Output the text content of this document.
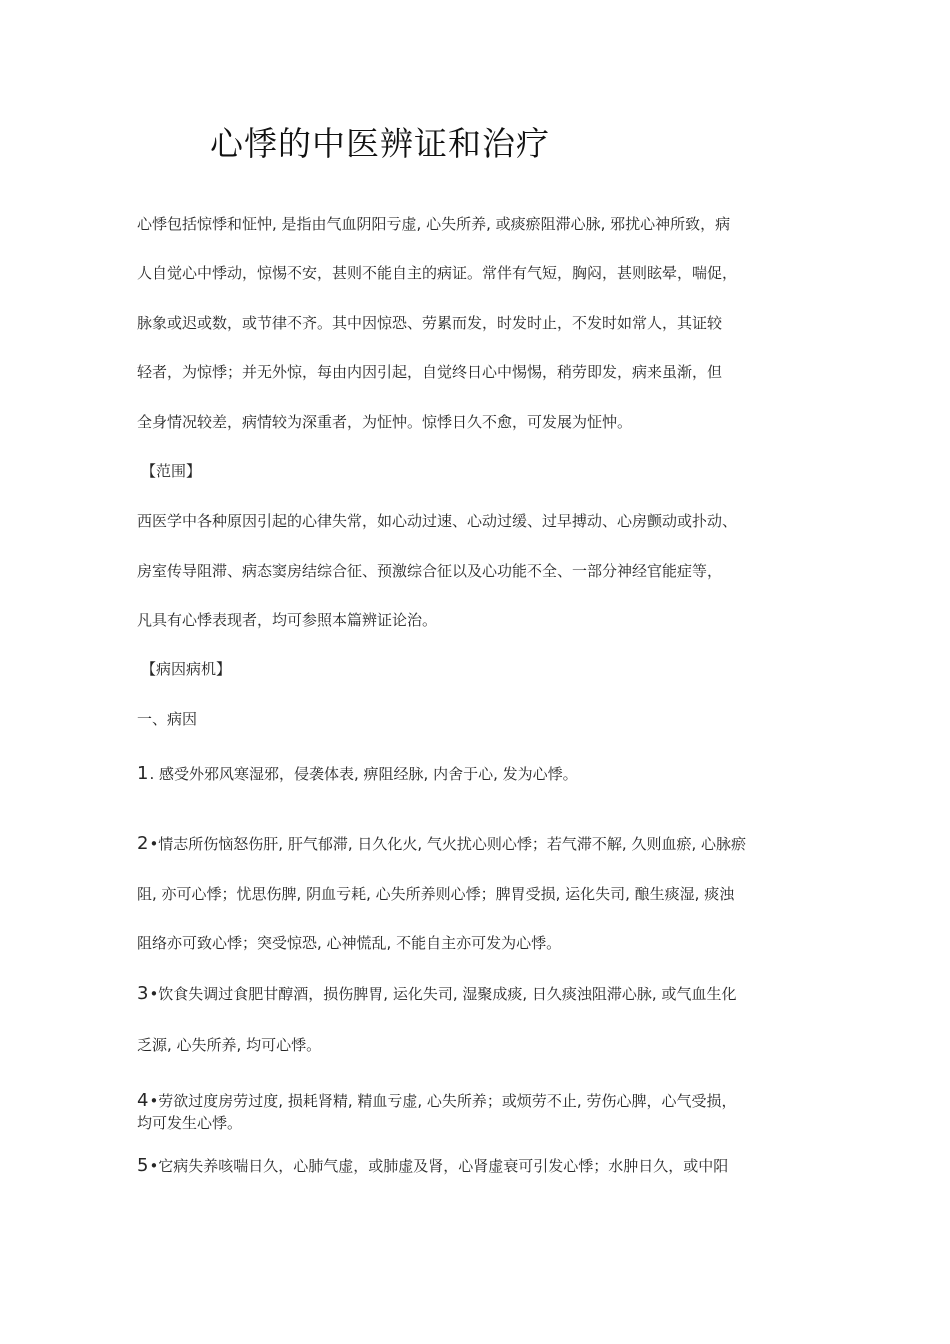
心悸的中医辨证和治疗
心悸包括惊悸和怔忡, 是指由气血阴阳亏虚, 心失所养, 或痰瘀阻滞心脉, 邪扰心神所致，病
人自觉心中悸动，惊惕不安，甚则不能自主的病证。常伴有气短，胸闷，甚则眩晕，喘促，
脉象或迟或数，或节律不齐。其中因惊恐、劳累而发，时发时止，不发时如常人，其证较
轻者，为惊悸；并无外惊，每由内因引起，自觉终日心中惕惕，稍劳即发，病来虽渐，但
全身情况较差，病情较为深重者，为怔忡。惊悸日久不愈，可发展为怔忡。
【范围】
西医学中各种原因引起的心律失常，如心动过速、心动过缓、过早搏动、心房颤动或扑动、
房室传导阻滞、病态窦房结综合征、预激综合征以及心功能不全、一部分神经官能症等，
凡具有心悸表现者，均可参照本篇辨证论治。
【病因病机】
一、病因
1. 感受外邪风寒湿邪，侵袭体表, 痹阻经脉, 内舍于心, 发为心悸。
2•情志所伤恼怒伤肝, 肝气郁滞, 日久化火, 气火扰心则心悸；若气滞不解, 久则血瘀, 心脉瘀
阻, 亦可心悸；忧思伤脾, 阴血亏耗, 心失所养则心悸；脾胃受损, 运化失司, 酿生痰湿, 痰浊
阻络亦可致心悸；突受惊恐, 心神慌乱, 不能自主亦可发为心悸。
3•饮食失调过食肥甘醇酒，损伤脾胃, 运化失司, 湿聚成痰, 日久痰浊阻滞心脉, 或气血生化
乏源, 心失所养, 均可心悸。
4•劳欲过度房劳过度, 损耗肾精, 精血亏虚, 心失所养；或烦劳不止, 劳伤心脾，心气受损，
均可发生心悸。
5•它病失养咳喘日久，心肺气虚，或肺虚及肾，心肾虚衰可引发心悸；水肿日久，或中阳
